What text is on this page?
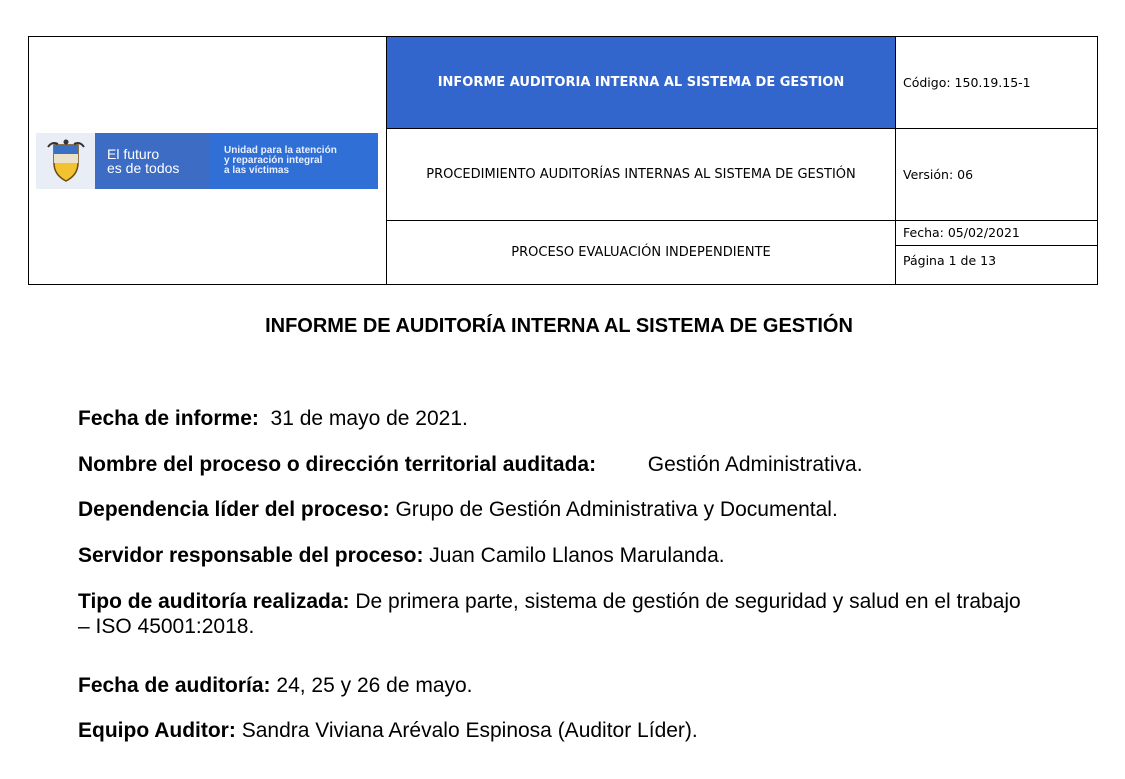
El futuro
es de todos
Unidad para la atención
y reparación integral
a las víctimas	INFORME AUDITORIA INTERNA AL SISTEMA DE GESTION	Código: 150.19.15-1
	PROCEDIMIENTO AUDITORÍAS INTERNAS AL SISTEMA DE GESTIÓN	Versión: 06
	PROCESO EVALUACIÓN INDEPENDIENTE	Fecha: 05/02/2021
Página 1 de 13
INFORME DE AUDITORÍA INTERNA AL SISTEMA DE GESTIÓN
Fecha de informe: 31 de mayo de 2021.
Nombre del proceso o dirección territorial auditada: Gestión Administrativa.
Dependencia líder del proceso: Grupo de Gestión Administrativa y Documental.
Servidor responsable del proceso: Juan Camilo Llanos Marulanda.
Tipo de auditoría realizada: De primera parte, sistema de gestión de seguridad y salud en el trabajo – ISO 45001:2018.
Fecha de auditoría: 24, 25 y 26 de mayo.
Equipo Auditor: Sandra Viviana Arévalo Espinosa (Auditor Líder).
